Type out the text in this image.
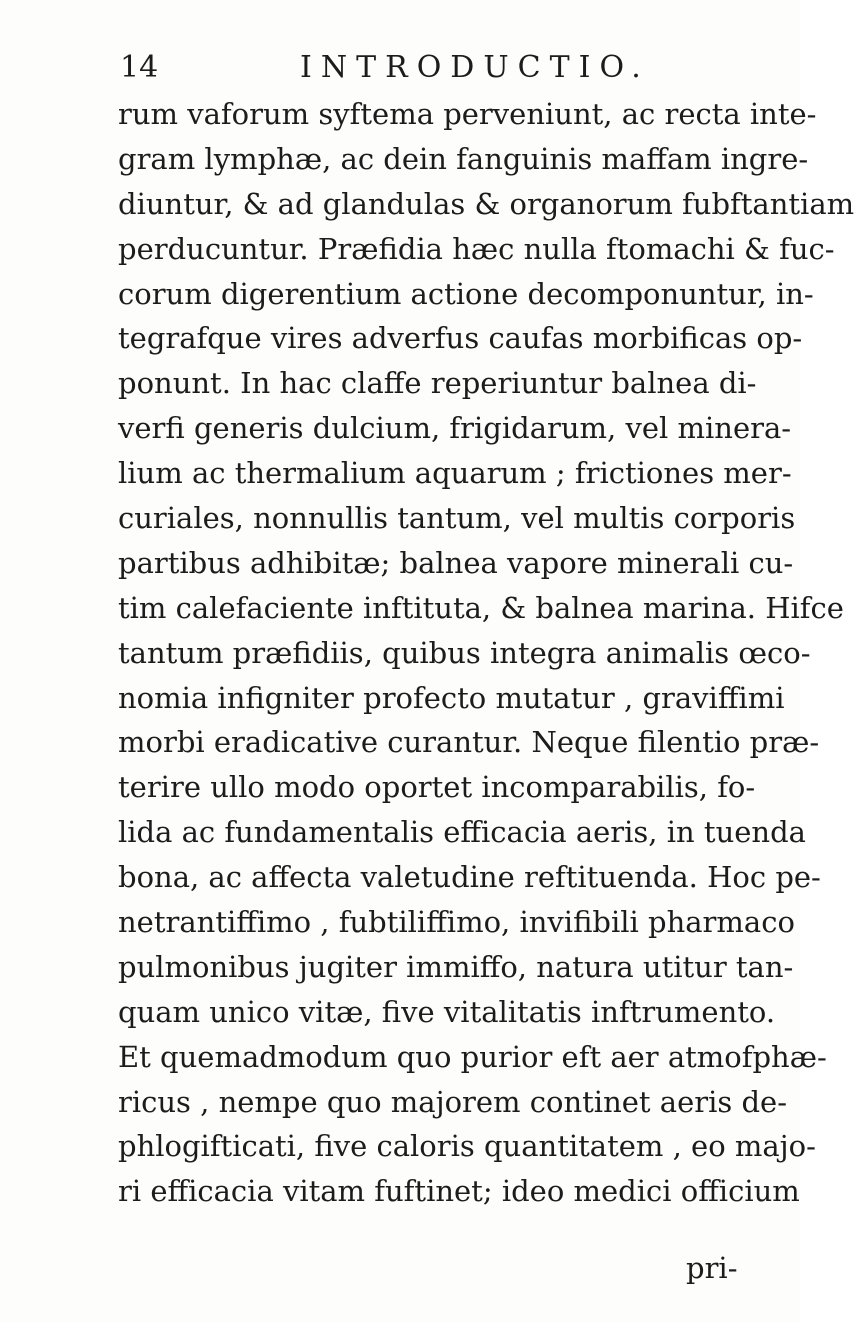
14	INTRODUCTIO.
rum vaforum syftema perveniunt, ac recta inte-
gram lymphæ, ac dein fanguinis maffam ingre-
diuntur, & ad glandulas & organorum fubftantiam
perducuntur. Præfidia hæc nulla ftomachi & fuc-
corum digerentium actione decomponuntur, in-
tegrafque vires adverfus caufas morbificas op-
ponunt. In hac claffe reperiuntur balnea di-
verfi generis dulcium, frigidarum, vel minera-
lium ac thermalium aquarum ; frictiones mer-
curiales, nonnullis tantum, vel multis corporis
partibus adhibitæ; balnea vapore minerali cu-
tim calefaciente inftituta, & balnea marina. Hifce
tantum præfidiis, quibus integra animalis œco-
nomia infigniter profecto mutatur , graviffimi
morbi eradicative curantur. Neque filentio præ-
terire ullo modo oportet incomparabilis, fo-
lida ac fundamentalis efficacia aeris, in tuenda
bona, ac affecta valetudine reftituenda. Hoc pe-
netrantiffimo , fubtiliffimo, invifibili pharmaco
pulmonibus jugiter immiffo, natura utitur tan-
quam unico vitæ, five vitalitatis inftrumento.
Et quemadmodum quo purior eft aer atmofphæ-
ricus , nempe quo majorem continet aeris de-
phlogifticati, five caloris quantitatem , eo majo-
ri efficacia vitam fuftinet; ideo medici officium
pri-
